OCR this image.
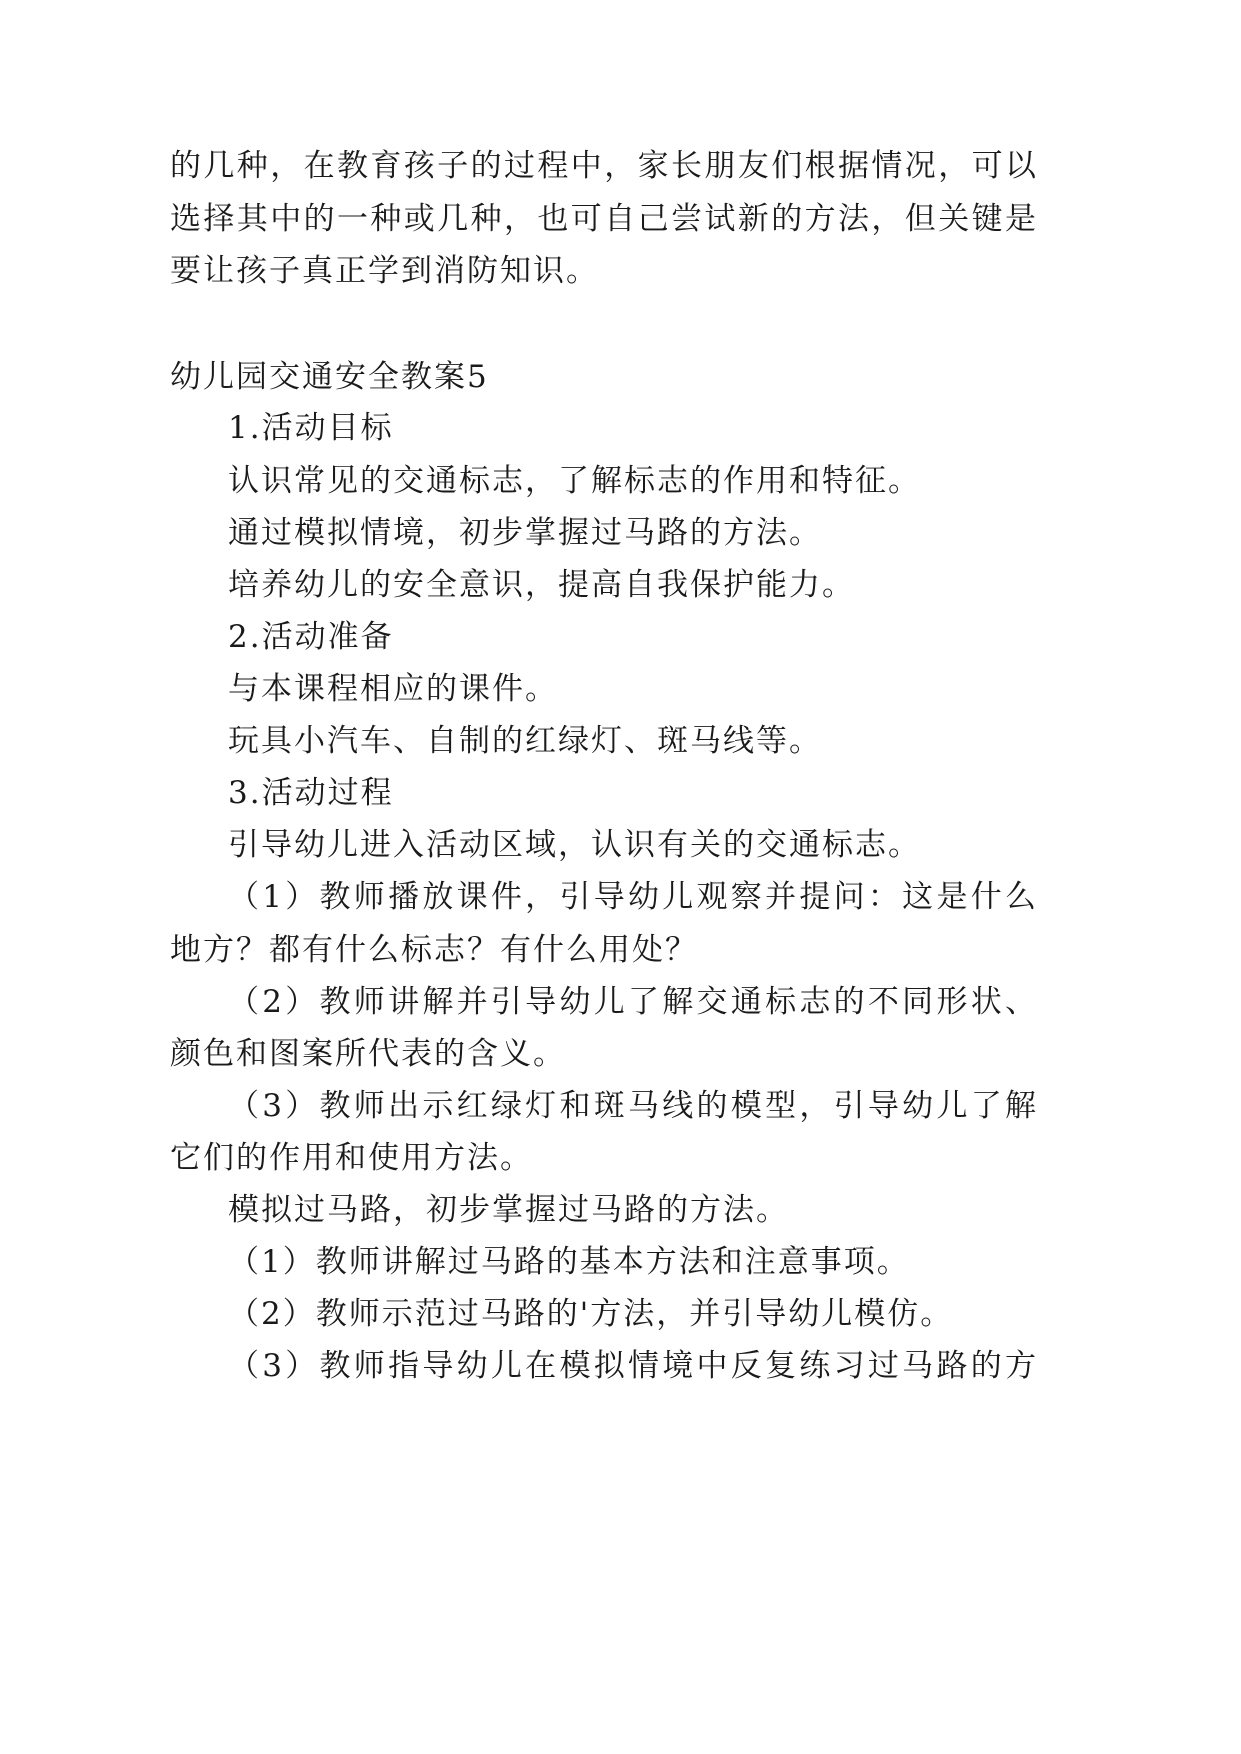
的几种，在教育孩子的过程中，家长朋友们根据情况，可以
选择其中的一种或几种，也可自己尝试新的方法，但关键是
要让孩子真正学到消防知识。
幼儿园交通安全教案5
1.活动目标
认识常见的交通标志，了解标志的作用和特征。
通过模拟情境，初步掌握过马路的方法。
培养幼儿的安全意识，提高自我保护能力。
2.活动准备
与本课程相应的课件。
玩具小汽车、自制的红绿灯、斑马线等。
3.活动过程
引导幼儿进入活动区域，认识有关的交通标志。
（1）教师播放课件，引导幼儿观察并提问：这是什么
地方？都有什么标志？有什么用处？
（2）教师讲解并引导幼儿了解交通标志的不同形状、
颜色和图案所代表的含义。
（3）教师出示红绿灯和斑马线的模型，引导幼儿了解
它们的作用和使用方法。
模拟过马路，初步掌握过马路的方法。
（1）教师讲解过马路的基本方法和注意事项。
（2）教师示范过马路的'方法，并引导幼儿模仿。
（3）教师指导幼儿在模拟情境中反复练习过马路的方
